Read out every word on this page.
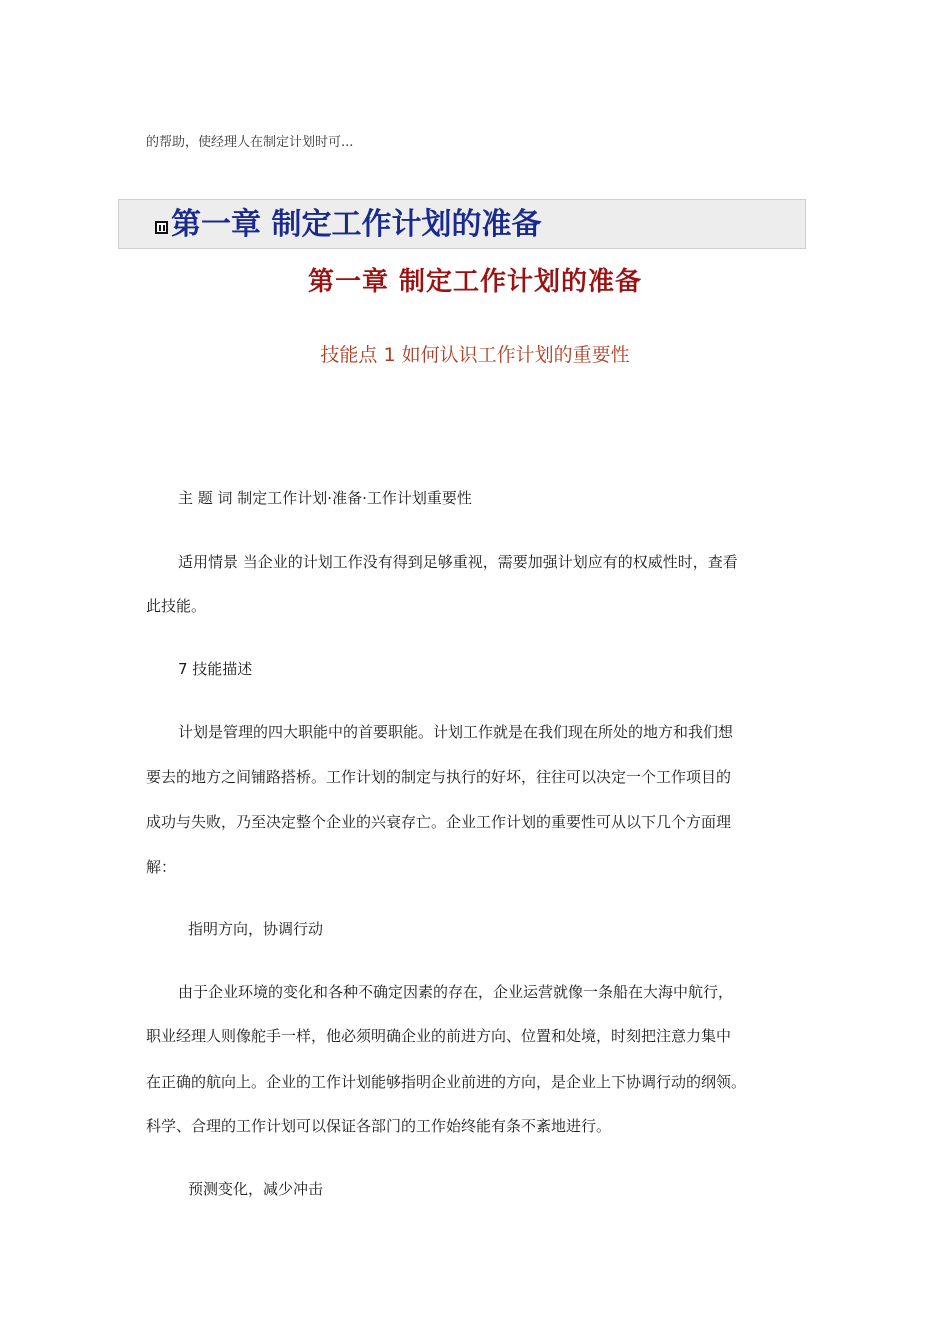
的帮助，使经理人在制定计划时可...
第一章 制定工作计划的准备
第一章 制定工作计划的准备
技能点 1 如何认识工作计划的重要性
主 题 词 制定工作计划·准备·工作计划重要性
适用情景 当企业的计划工作没有得到足够重视，需要加强计划应有的权威性时，查看
此技能。
7 技能描述
计划是管理的四大职能中的首要职能。计划工作就是在我们现在所处的地方和我们想
要去的地方之间铺路搭桥。工作计划的制定与执行的好坏，往往可以决定一个工作项目的
成功与失败，乃至决定整个企业的兴衰存亡。企业工作计划的重要性可从以下几个方面理
解：
指明方向，协调行动
由于企业环境的变化和各种不确定因素的存在，企业运营就像一条船在大海中航行，
职业经理人则像舵手一样，他必须明确企业的前进方向、位置和处境，时刻把注意力集中
在正确的航向上。企业的工作计划能够指明企业前进的方向，是企业上下协调行动的纲领。
科学、合理的工作计划可以保证各部门的工作始终能有条不紊地进行。
预测变化，减少冲击
